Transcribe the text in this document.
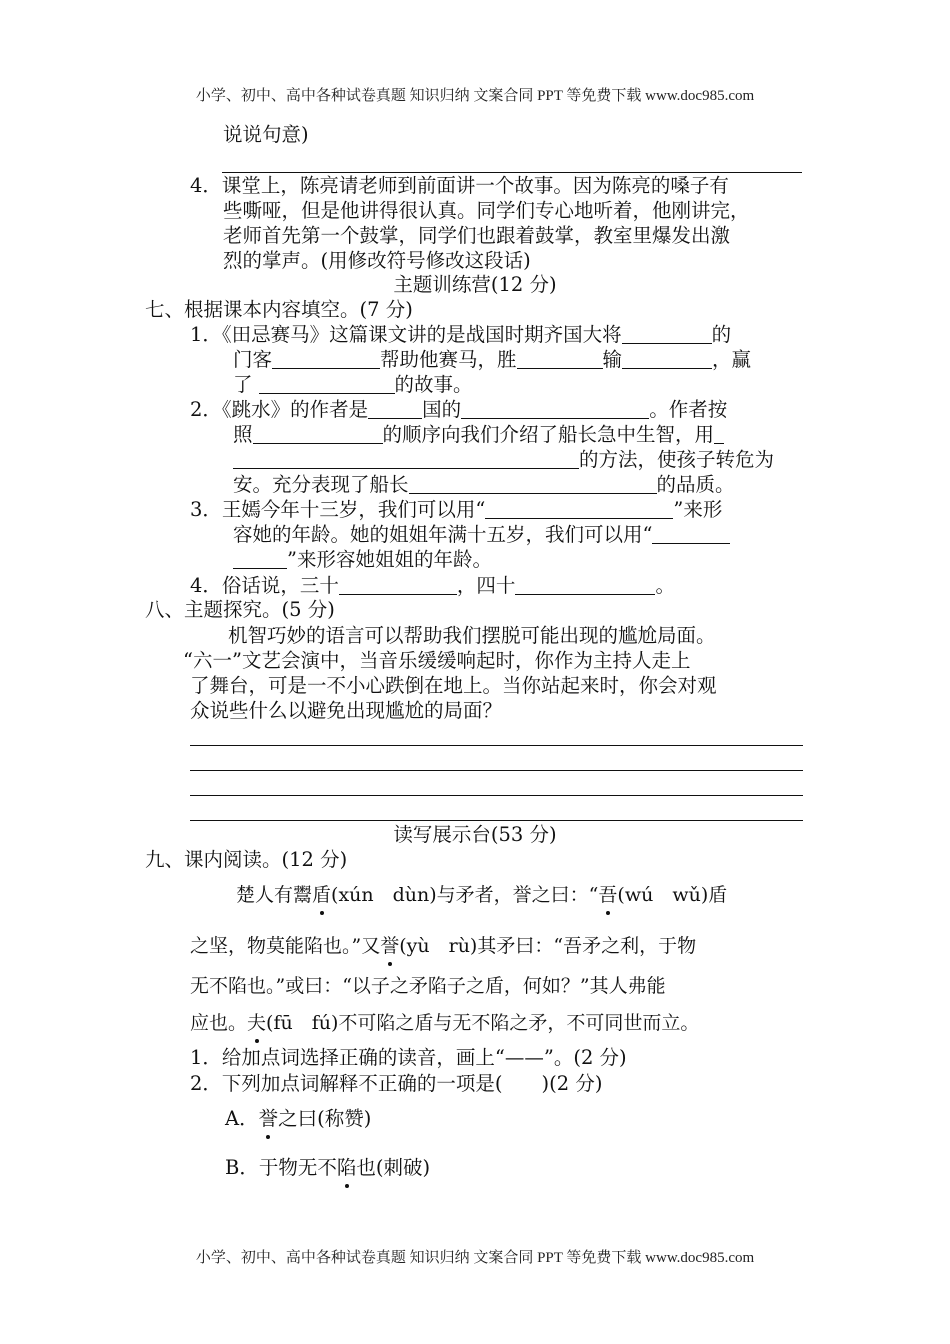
小学、初中、高中各种试卷真题 知识归纳 文案合同 PPT 等免费下载 www.doc985.com
说说句意)
4．课堂上，陈亮请老师到前面讲一个故事。因为陈亮的嗓子有
些嘶哑，但是他讲得很认真。同学们专心地听着，他刚讲完，
老师首先第一个鼓掌，同学们也跟着鼓掌，教室里爆发出激
烈的掌声。(用修改符号修改这段话)
主题训练营(12 分)
七、根据课本内容填空。(7 分)
1．《田忌赛马》这篇课文讲的是战国时期齐国大将	的
门客	帮助他赛马，胜	输	，赢
了	的故事。
2．《跳水》的作者是	国的	。作者按
照	的顺序向我们介绍了船长急中生智，用
的方法，使孩子转危为
安。充分表现了船长	的品质。
3．王嫣今年十三岁，我们可以用“	”来形
容她的年龄。她的姐姐年满十五岁，我们可以用“
”来形容她姐姐的年龄。
4．俗话说，三十	，四十	。
八、主题探究。(5 分)
机智巧妙的语言可以帮助我们摆脱可能出现的尴尬局面。
“六一”文艺会演中，当音乐缓缓响起时，你作为主持人走上
了舞台，可是一不小心跌倒在地上。当你站起来时，你会对观
众说些什么以避免出现尴尬的局面？
读写展示台(53 分)
九、课内阅读。(12 分)
楚人有鬻盾(xún　dùn)与矛者，誉之曰：“吾(wú　wǔ)盾
之坚，物莫能陷也。”又誉(yù　rù)其矛曰：“吾矛之利，于物
无不陷也。”或曰：“以子之矛陷子之盾，何如？”其人弗能
应也。夫(fū　fú)不可陷之盾与无不陷之矛，不可同世而立。
1．给加点词选择正确的读音，画上“——”。(2 分)
2．下列加点词解释不正确的一项是(　　)(2 分)
A．誉之曰(称赞)
B．于物无不陷也(刺破)
小学、初中、高中各种试卷真题 知识归纳 文案合同 PPT 等免费下载 www.doc985.com
